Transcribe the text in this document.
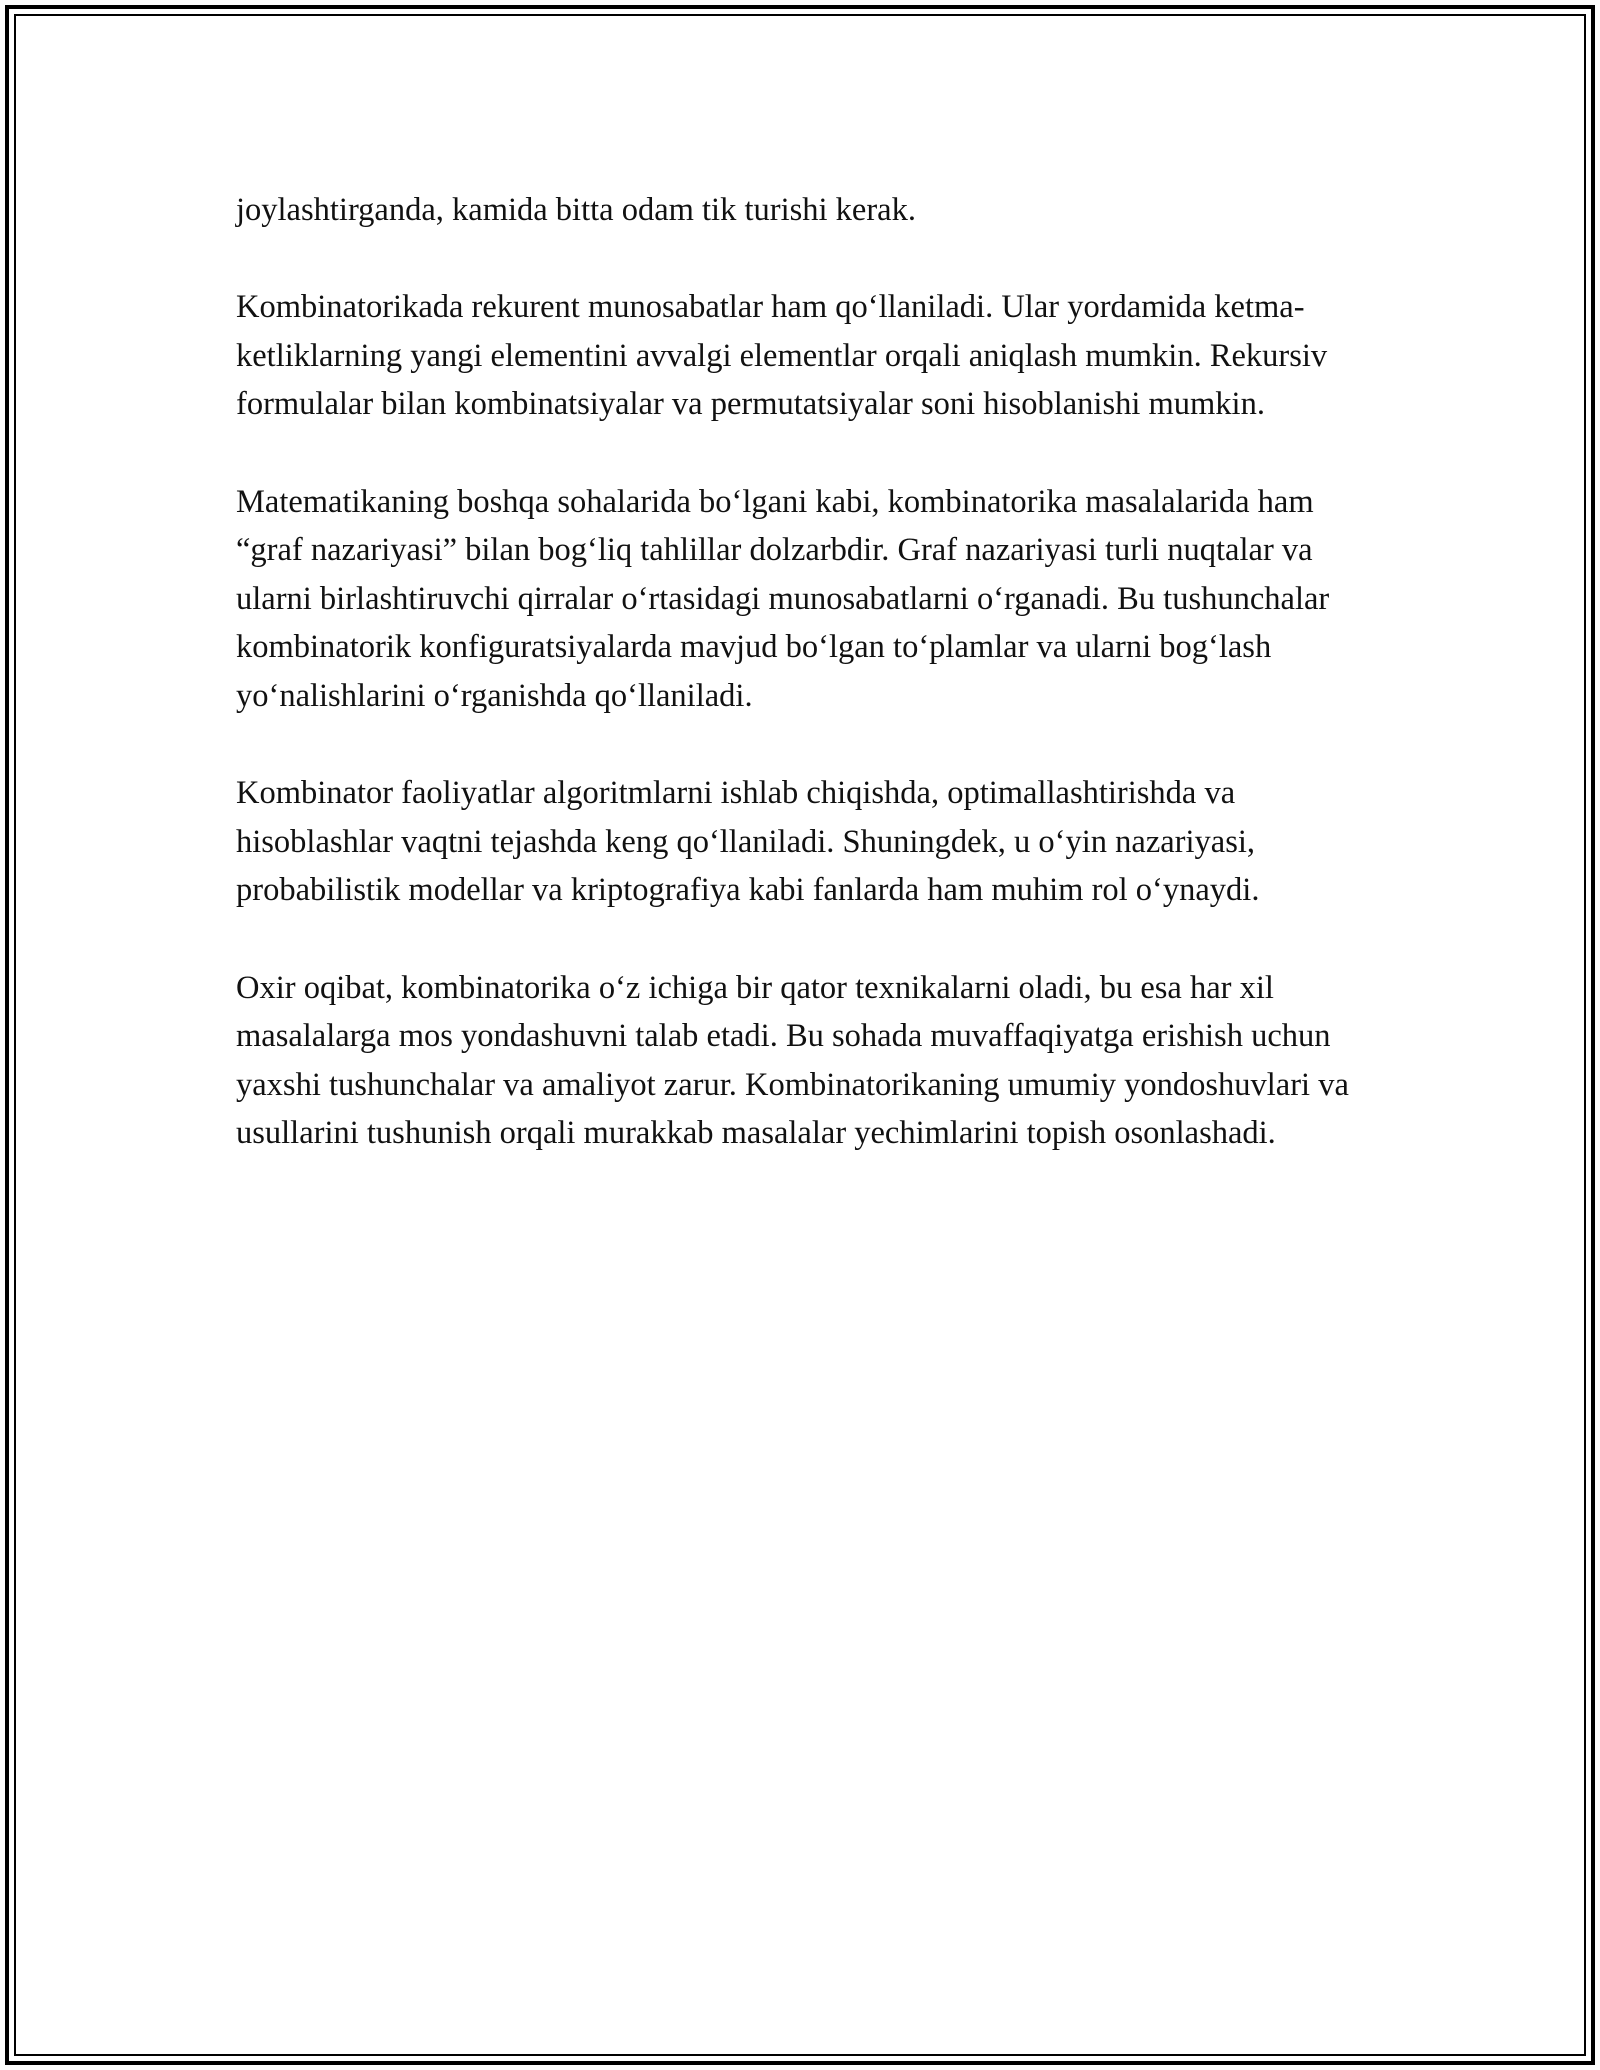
joylashtirganda, kamida bitta odam tik turishi kerak.

Kombinatorikada rekurent munosabatlar ham qo‘llaniladi. Ular yordamida ketma-ketliklarning yangi elementini avvalgi elementlar orqali aniqlash mumkin. Rekursiv formulalar bilan kombinatsiyalar va permutatsiyalar soni hisoblanishi mumkin.

Matematikaning boshqa sohalarida bo‘lgani kabi, kombinatorika masalalarida ham “graf nazariyasi” bilan bog‘liq tahlillar dolzarbdir. Graf nazariyasi turli nuqtalar va ularni birlashtiruvchi qirralar o‘rtasidagi munosabatlarni o‘rganadi. Bu tushunchalar kombinatorik konfiguratsiyalarda mavjud bo‘lgan to‘plamlar va ularni bog‘lash yo‘nalishlarini o‘rganishda qo‘llaniladi.

Kombinator faoliyatlar algoritmlarni ishlab chiqishda, optimallashtirishda va hisoblashlar vaqtni tejashda keng qo‘llaniladi. Shuningdek, u o‘yin nazariyasi, probabilistik modellar va kriptografiya kabi fanlarda ham muhim rol o‘ynaydi.

Oxir oqibat, kombinatorika o‘z ichiga bir qator texnikalarni oladi, bu esa har xil masalalarga mos yondashuvni talab etadi. Bu sohada muvaffaqiyatga erishish uchun yaxshi tushunchalar va amaliyot zarur. Kombinatorikaning umumiy yondoshuvlari va usullarini tushunish orqali murakkab masalalar yechimlarini topish osonlashadi.
